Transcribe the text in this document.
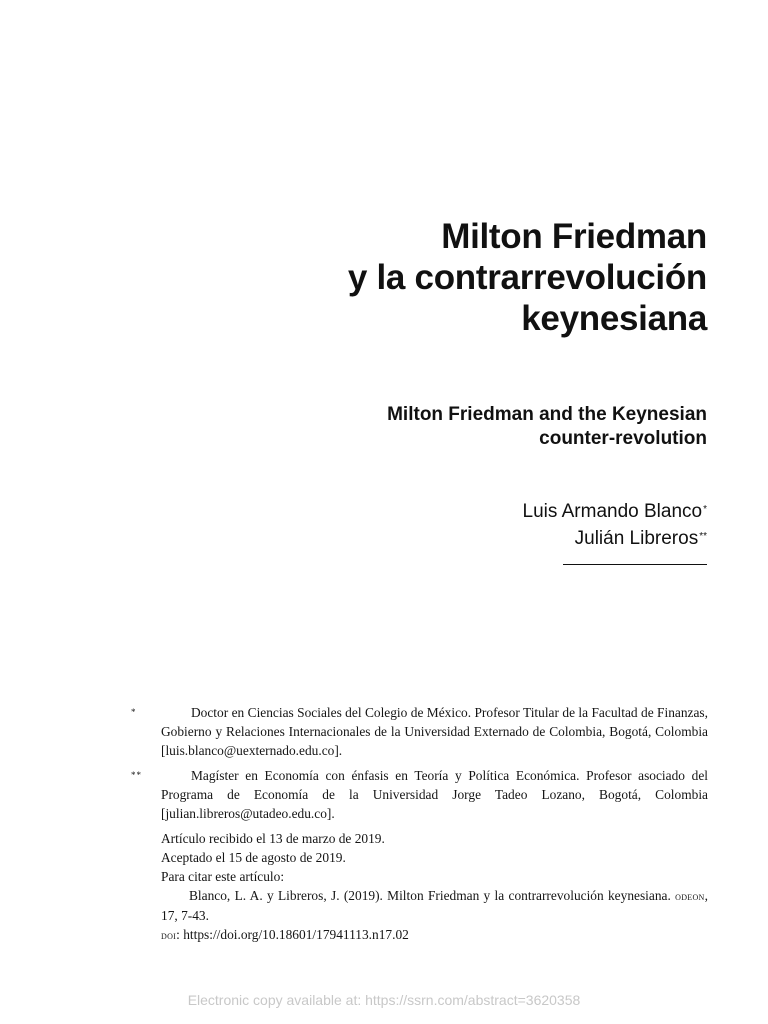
Milton Friedman
y la contrarrevolución
keynesiana
Milton Friedman and the Keynesian
counter-revolution
Luis Armando Blanco*
Julián Libreros**
*	Doctor en Ciencias Sociales del Colegio de México. Profesor Titular de la Facultad de Finanzas, Gobierno y Relaciones Internacionales de la Universidad Externado de Colombia, Bogotá, Colombia [luis.blanco@uexternado.edu.co].
**	Magíster en Economía con énfasis en Teoría y Política Económica. Profesor asociado del Programa de Economía de la Universidad Jorge Tadeo Lozano, Bogotá, Colombia [julian.libreros@utadeo.edu.co].
Artículo recibido el 13 de marzo de 2019.
Aceptado el 15 de agosto de 2019.
Para citar este artículo:
Blanco, L. A. y Libreros, J. (2019). Milton Friedman y la contrarrevolución keynesiana. odeon, 17, 7-43.
doi: https://doi.org/10.18601/17941113.n17.02
Electronic copy available at: https://ssrn.com/abstract=3620358
